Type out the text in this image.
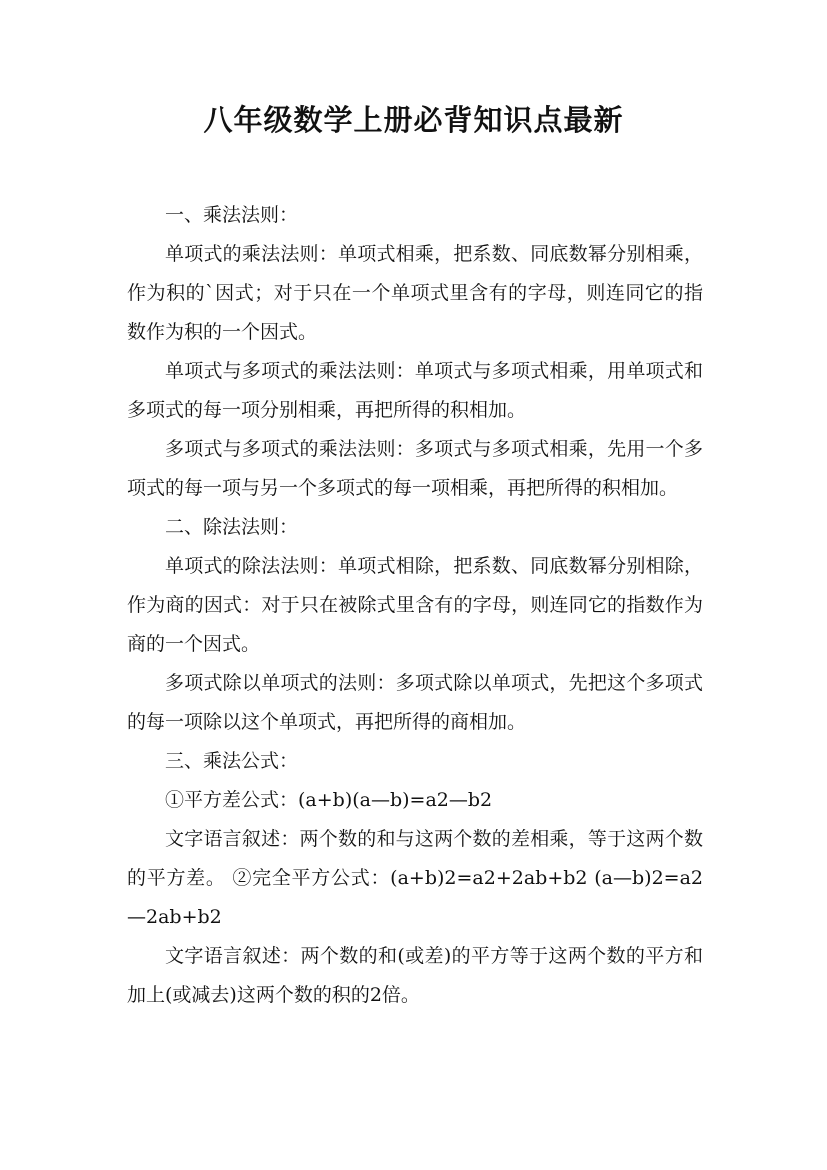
八年级数学上册必背知识点最新

一、乘法法则：

单项式的乘法法则：单项式相乘，把系数、同底数幂分别相乘，作为积的`因式；对于只在一个单项式里含有的字母，则连同它的指数作为积的一个因式。

单项式与多项式的乘法法则：单项式与多项式相乘，用单项式和多项式的每一项分别相乘，再把所得的积相加。

多项式与多项式的乘法法则：多项式与多项式相乘，先用一个多项式的每一项与另一个多项式的每一项相乘，再把所得的积相加。

二、除法法则：

单项式的除法法则：单项式相除，把系数、同底数幂分别相除，作为商的因式：对于只在被除式里含有的字母，则连同它的指数作为商的一个因式。

多项式除以单项式的法则：多项式除以单项式，先把这个多项式的每一项除以这个单项式，再把所得的商相加。

三、乘法公式：

①平方差公式：(a+b)(a—b)=a2—b2

文字语言叙述：两个数的和与这两个数的差相乘，等于这两个数的平方差。 ②完全平方公式：(a+b)2=a2+2ab+b2 (a—b)2=a2—2ab+b2

文字语言叙述：两个数的和(或差)的平方等于这两个数的平方和加上(或减去)这两个数的积的2倍。
